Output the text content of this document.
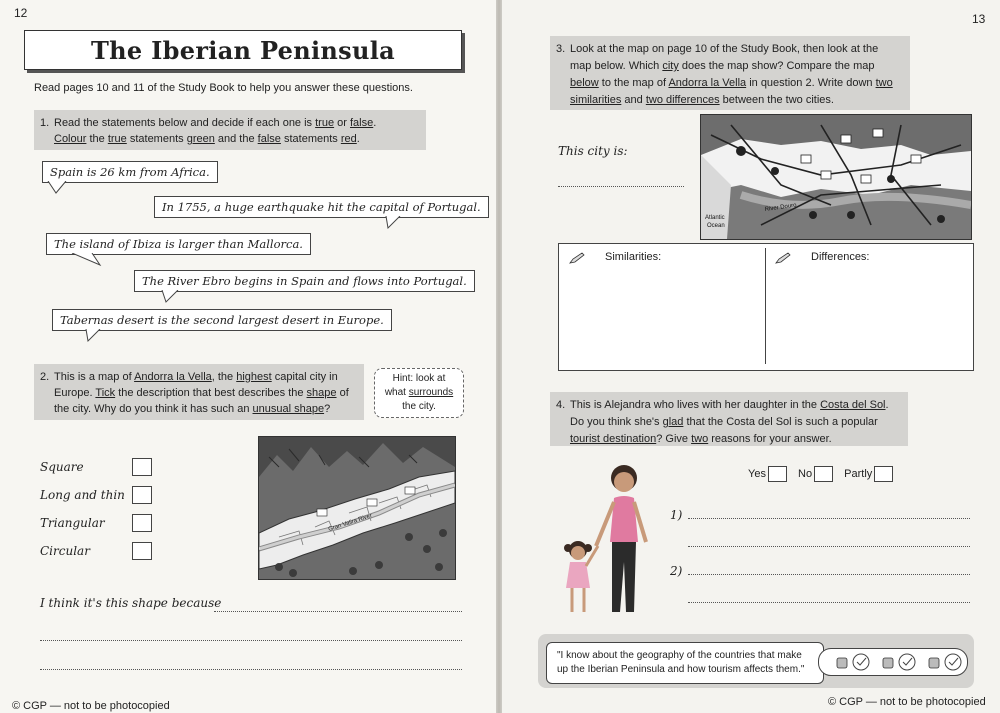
12
The Iberian Peninsula
Read pages 10 and 11 of the Study Book to help you answer these questions.
1. Read the statements below and decide if each one is true or false.
Colour the true statements green and the false statements red.
Spain is 26 km from Africa.
In 1755, a huge earthquake hit the capital of Portugal.
The island of Ibiza is larger than Mallorca.
The River Ebro begins in Spain and flows into Portugal.
Tabernas desert is the second largest desert in Europe.
2. This is a map of Andorra la Vella, the highest capital city in Europe. Tick the description that best describes the shape of the city. Why do you think it has such an unusual shape?
Hint: look at
what surrounds
the city.
Square
Long and thin
Triangular
Circular
Gran Valira River
I think it's this shape because
© CGP — not to be photocopied
13
3. Look at the map on page 10 of the Study Book, then look at the map below. Which city does the map show? Compare the map below to the map of Andorra la Vella in question 2. Write down two similarities and two differences between the two cities.
This city is:
Atlantic
Ocean
River Douro
Similarities:	Differences:
4. This is Alejandra who lives with her daughter in the Costa del Sol. Do you think she's glad that the Costa del Sol is such a popular tourist destination? Give two reasons for your answer.
Yes	No	Partly
1)
2)
"I know about the geography of the countries that make up the Iberian Peninsula and how tourism affects them."
© CGP — not to be photocopied
